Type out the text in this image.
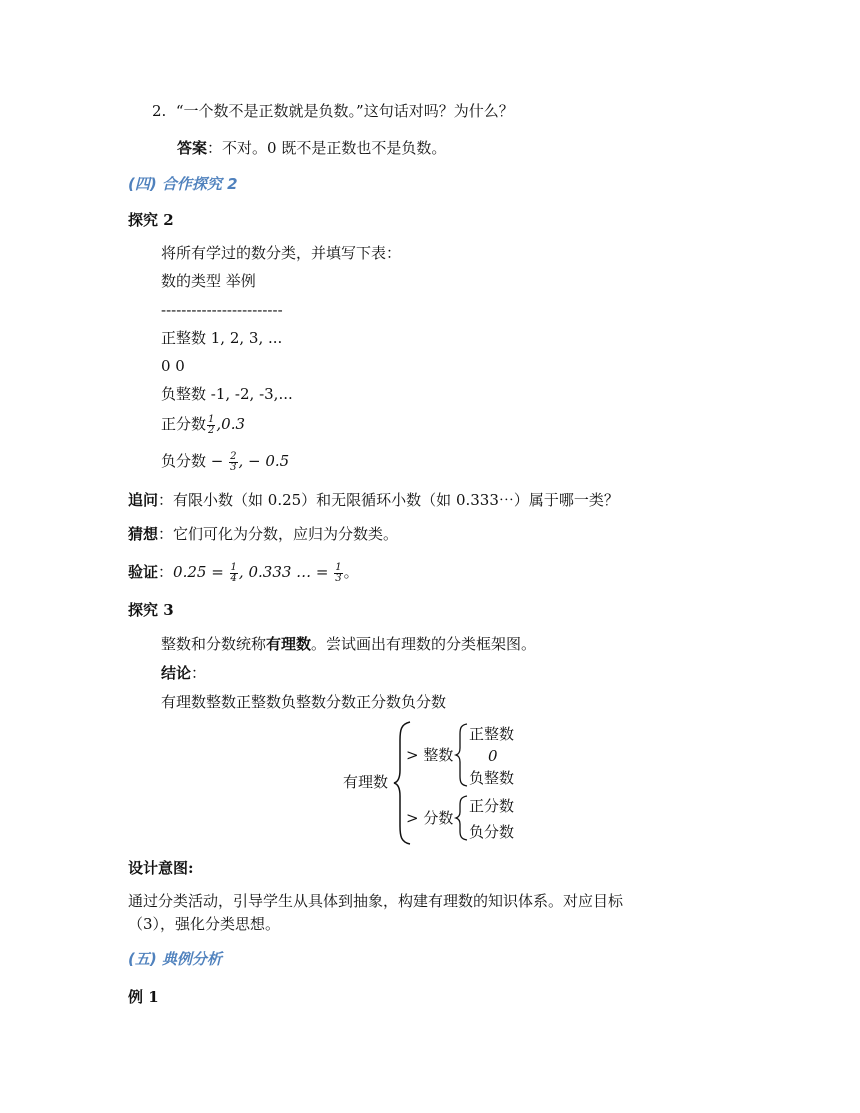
2. “一个数不是正数就是负数。”这句话对吗？为什么？
答案：不对。0 既不是正数也不是负数。
(四) 合作探究 2
探究 2
将所有学过的数分类，并填写下表：
数的类型 举例
------------------------
正整数 1, 2, 3, ...
0 0
负整数 -1, -2, -3,...
正分数 $\frac{1}{2} ,0.3$
负分数 − $\frac{2}{3}$ , − 0.5
追问：有限小数（如 0.25）和无限循环小数（如 0.333⋯）属于哪一类？
猜想：它们可化为分数，应归为分数类。
验证：$0.25 = \frac{1}{4}$ , 0.333 … = $\frac{1}{3}$ 。
探究 3
整数和分数统称有理数。尝试画出有理数的分类框架图。
结论：
有理数整数正整数负整数分数正分数负分数
有理数
> 整数
正整数
0
负整数
> 分数
正分数
负分数
设计意图:
通过分类活动，引导学生从具体到抽象，构建有理数的知识体系。对应目标
（3），强化分类思想。
(五) 典例分析
例 1
